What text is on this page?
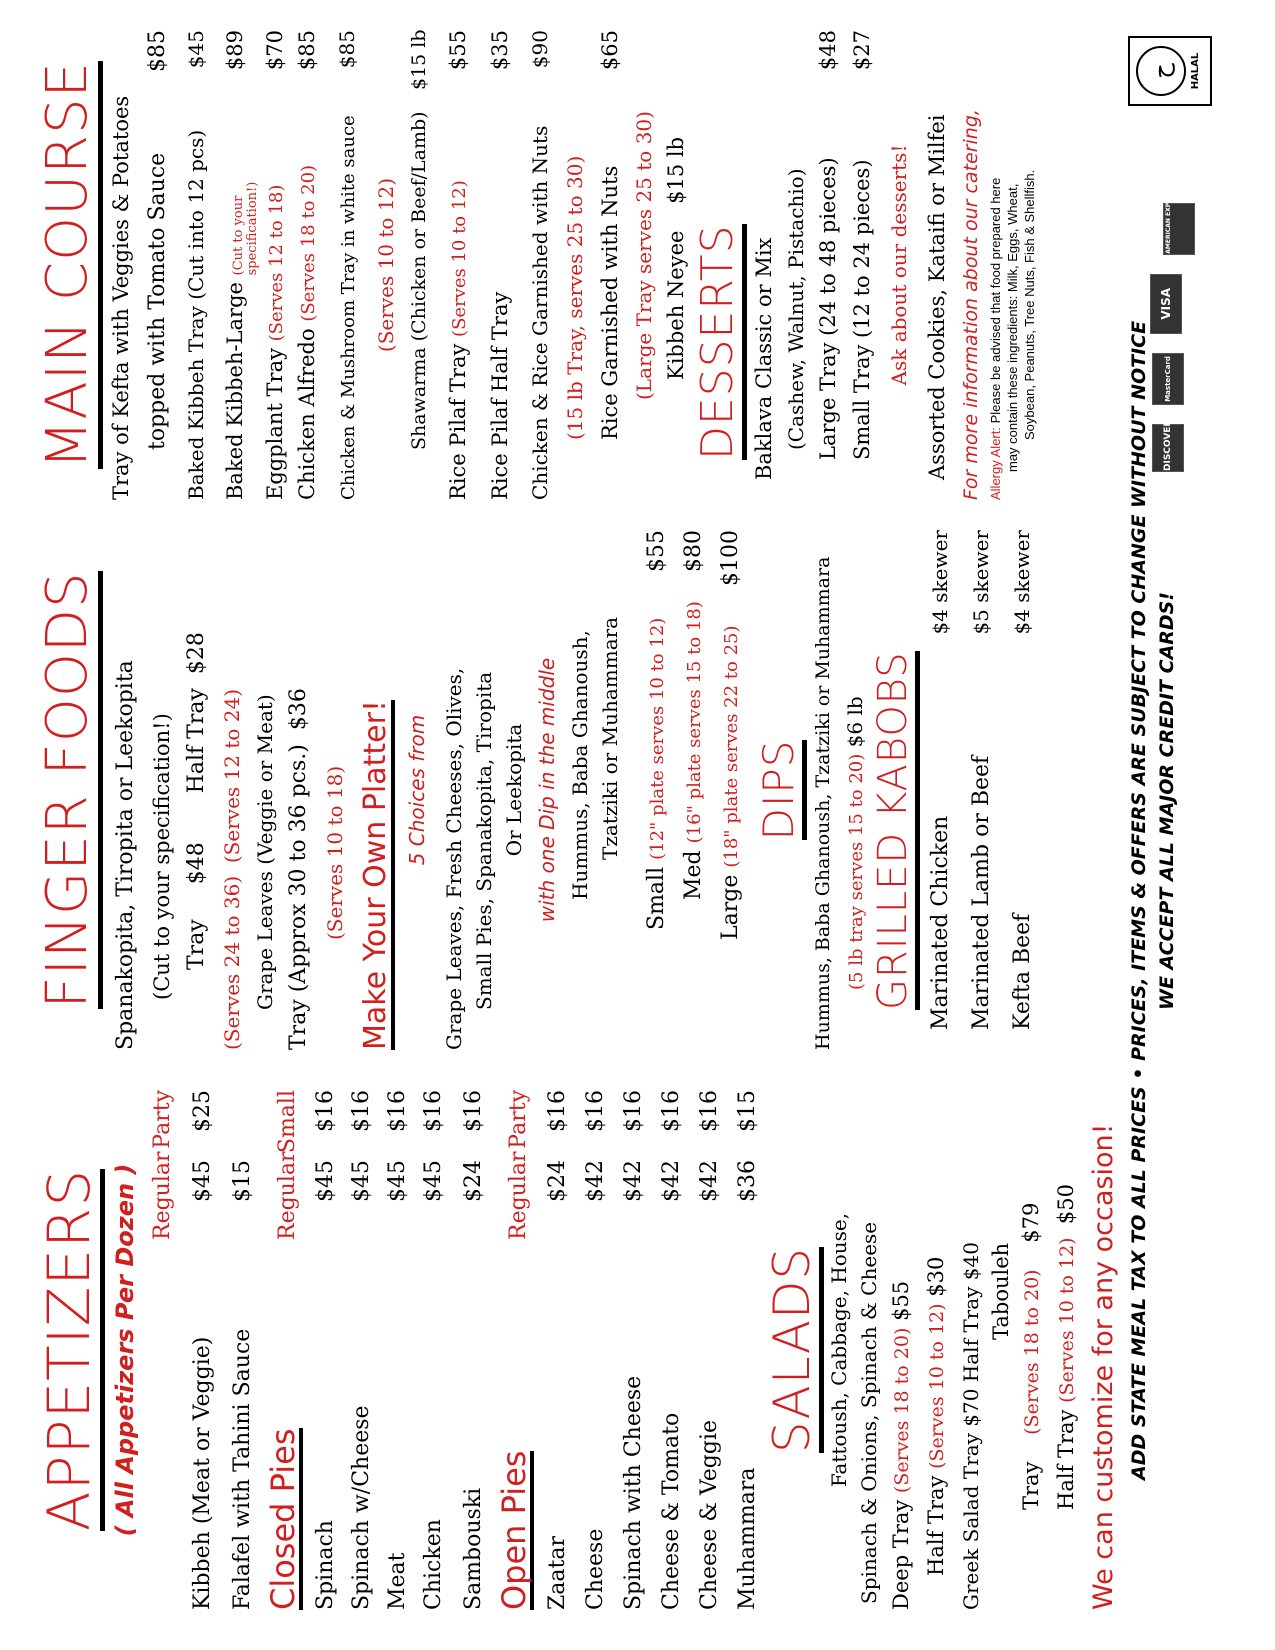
APPETIZERS ( All Appetizers Per Dozen ) Regular
Party
Kibbeh (Meat or Veggie)
$45
$25
Falafel with Tahini Sauce
$15
Closed Pies
Regular
Small
Spinach
$45
$16
Spinach w/Cheese
$45
$16
Meat
$45
$16
Chicken
$45
$16
Sambouski
$24
$16
Open Pies
Regular
Party
Zaatar
$24
$16
Cheese
$42
$16
Spinach with Cheese
$42
$16
Cheese & Tomato
$42
$16
Cheese & Veggie
$42
$16
Muhammara
$36
$15
SALADS Fattoush, Cabbage, House, Spinach & Onions, Spinach & Cheese Deep Tray

(Serves 18 to 20)

$55
Half Tray

(Serves 10 to 12)

$30 Greek Salad Tray $70 Half Tray $40 Tabouleh
Tray

(Serves 18 to 20)

$79
Half Tray

(Serves 10 to 12)

$50 We can customize for any occasion!
FINGER FOODS Spanakopita, Tiropita or Leekopita (Cut to your specification!) Tray

$48

Half Tray

$28
(Serves 24 to 36)

(Serves 12 to 24) Grape Leaves (Veggie or Meat) Tray (Approx 30 to 36 pcs.)

$36
(Serves 10 to 18) Make Your Own Platter! 5 Choices from Grape Leaves, Fresh Cheeses, Olives, Small Pies, Spanakopita, Tiropita Or Leekopita with one Dip in the middle Hummus, Baba Ghanoush, Tzatziki or Muhammara
Small

(12" plate serves 10 to 12)
$55
Med

(16" plate serves 15 to 18)
$80
Large

(18" plate serves 22 to 25)
$100
DIPS Hummus, Baba Ghanoush, Tzatziki or Muhammara (5 lb tray serves 15 to 20)

$6 lb GRILLED KABOBS Marinated Chicken
$4 skewer
Marinated Lamb or Beef
$5 skewer
Kefta Beef
$4 skewer
MAIN COURSE Tray of Kefta with Veggies & Potatoes topped with Tomato Sauce
$85
Baked Kibbeh Tray (Cut into 12 pcs)
$45
Baked Kibbeh-Large

(Cut to your
specification!)
$89
Eggplant Tray

(Serves 12 to 18)
$70
Chicken Alfredo

(Serves 18 to 20)
$85
Chicken & Mushroom Tray in white sauce
$85
(Serves 10 to 12) Shawarma (Chicken or Beef/Lamb)
$15 lb
Rice Pilaf Tray

(Serves 10 to 12)
$55
Rice Pilaf Half Tray
$35
Chicken & Rice Garnished with Nuts
$90
(15 lb Tray, serves 25 to 30) Rice Garnished with Nuts
$65
(Large Tray serves 25 to 30) Kibbeh Neyee

$15 lb
DESSERTS Baklava Classic or Mix (Cashew, Walnut, Pistachio) Large Tray (24 to 48 pieces)
$48
Small Tray (12 to 24 pieces)
$27
Ask about our desserts! Assorted Cookies, Kataifi or Milfei For more information about our catering, Allergy Alert: Please be advised that food prepared here may contain these ingredients: Milk, Eggs, Wheat, Soybean, Peanuts, Tree Nuts, Fish & Shellfish.
ADD STATE MEAL TAX TO ALL PRICES • PRICES, ITEMS & OFFERS ARE SUBJECT TO CHANGE WITHOUT NOTICE WE ACCEPT ALL MAJOR CREDIT CARDS!
DISCOVER MasterCard VISA AMERICAN EXPRESS
ح	HALAL
